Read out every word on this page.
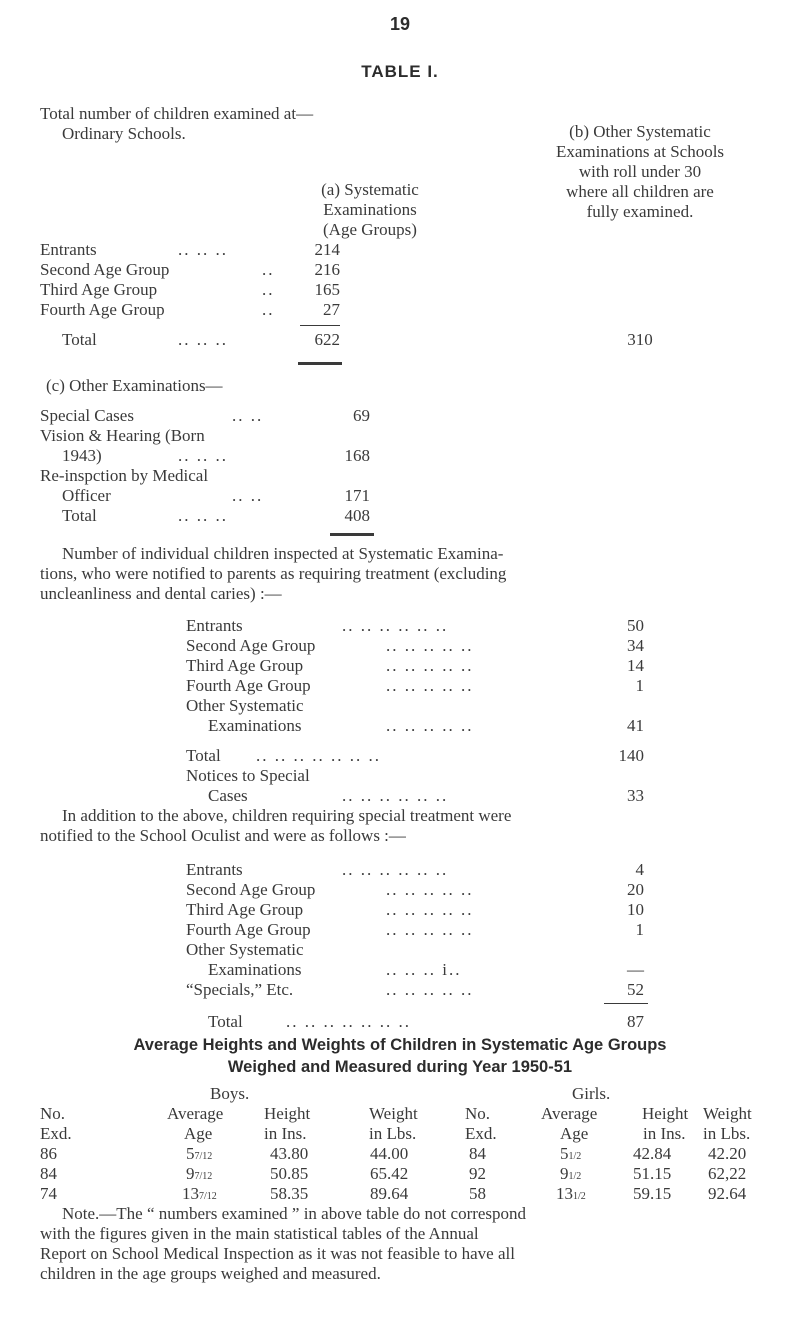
19
TABLE I.
Total number of children examined at—
Ordinary Schools.
(a) Systematic
Examinations
(Age Groups)
(b) Other Systematic
Examinations at Schools
with roll under 30
where all children are
fully examined.
Entrants	.. .. ..	214
Second Age Group	..	216
Third Age Group	..	165
Fourth Age Group	..	27
Total	.. .. ..	622	310
(c) Other Examinations—
Special Cases	.. ..	69
Vision & Hearing (Born
1943)	.. .. ..	168
Re-inspction by Medical
Officer	.. ..	171
Total	.. .. ..	408
Number of individual children inspected at Systematic Examina-
tions, who were notified to parents as requiring treatment (excluding
uncleanliness and dental caries) :—
Entrants	.. .. .. .. .. ..	50
Second Age Group	.. .. .. .. ..	34
Third Age Group	.. .. .. .. ..	14
Fourth Age Group	.. .. .. .. ..	1
Other Systematic
Examinations	.. .. .. .. ..	41
Total .. .. .. .. .. .. ..	140
Notices to Special
Cases	.. .. .. .. .. ..	33
In addition to the above, children requiring special treatment were
notified to the School Oculist and were as follows :—
Entrants	.. .. .. .. .. ..	4
Second Age Group	.. .. .. .. ..	20
Third Age Group	.. .. .. .. ..	10
Fourth Age Group	.. .. .. .. ..	1
Other Systematic
Examinations	.. .. .. i..	—
“Specials,” Etc.	.. .. .. .. ..	52
Total	.. .. .. .. .. .. ..	87
Average Heights and Weights of Children in Systematic Age Groups
Weighed and Measured during Year 1950-51
Boys.	Girls.
No.	Average Height	Weight	No.	Average	Height Weight
Exd.	Age	in Ins.	in Lbs.	Exd.	Age	in Ins. in Lbs.
86	57/12	43.80	44.00	84	51/2	42.84 42.20
84	97/12	50.85	65.42	92	91/2	51.15 62,22
74	137/12	58.35	89.64	58	131/2	59.15 92.64
Note.—The “ numbers examined ” in above table do not correspond
with the figures given in the main statistical tables of the Annual
Report on School Medical Inspection as it was not feasible to have all
children in the age groups weighed and measured.
